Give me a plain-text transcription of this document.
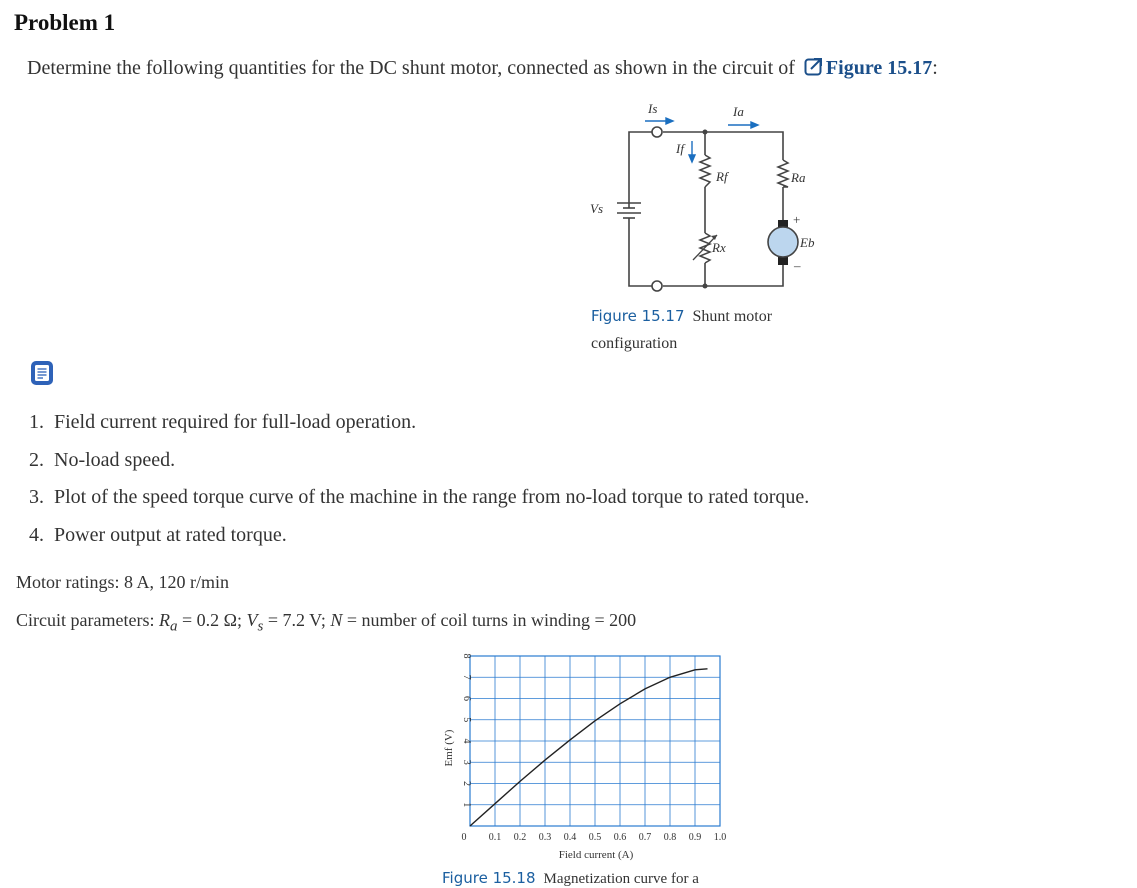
Problem 1
Determine the following quantities for the DC shunt motor, connected as shown in the circuit of Figure 15.17:
Is	Ia
If
Rf	Ra
Rx
Vs
Eb
+
–
Figure 15.17 Shunt motor configuration
1. Field current required for full-load operation.
2. No-load speed.
3. Plot of the speed torque curve of the machine in the range from no-load torque to rated torque.
4. Power output at rated torque.
Motor ratings: 8 A, 120 r/min
Circuit parameters: $R_a = 0.2$ Ω; $V_s = 7.2$ V; N = number of coil turns in winding = 200
1
2
3
4
5
6
7
8
0 0.1 0.2 0.3 0.4 0.5 0.6 0.7 0.8 0.9 1.0
Field current (A)
Emf (V)
Figure 15.18 Magnetization curve for a
